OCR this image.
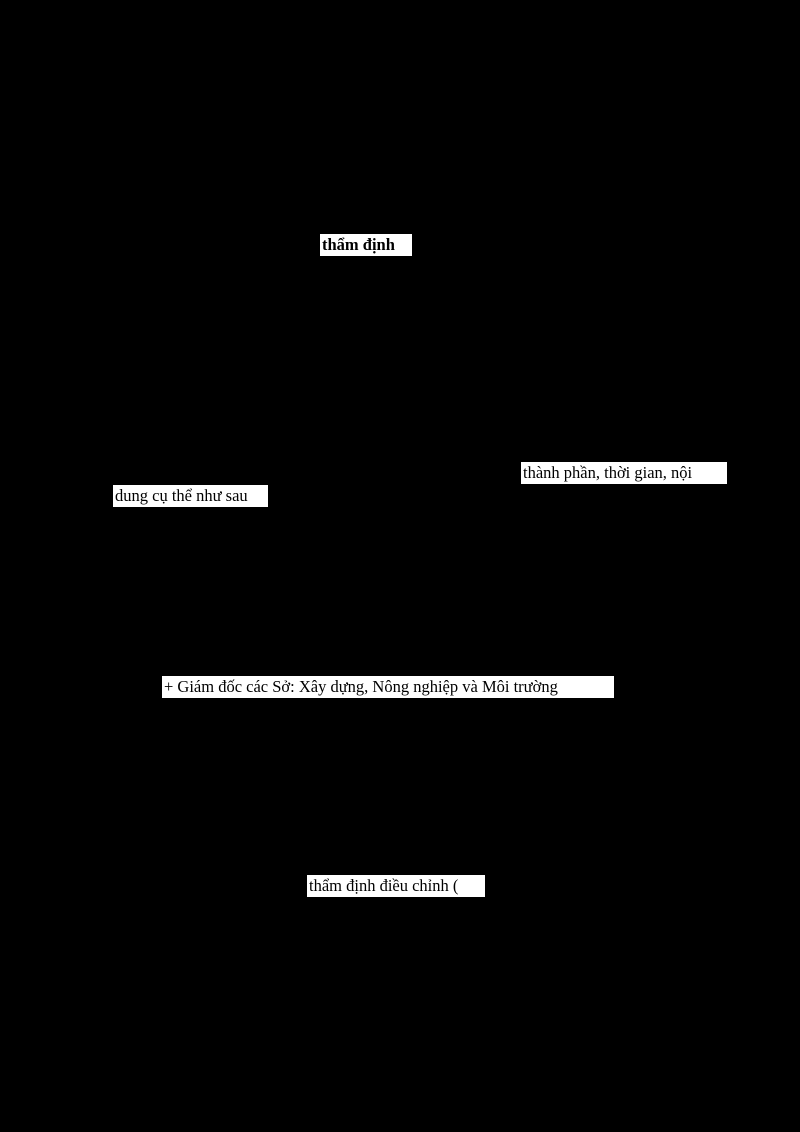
thẩm định
thành phần, thời gian, nội
dung cụ thể như sau
+ Giám đốc các Sở: Xây dựng, Nông nghiệp và Môi trường
thẩm định điều chỉnh (
